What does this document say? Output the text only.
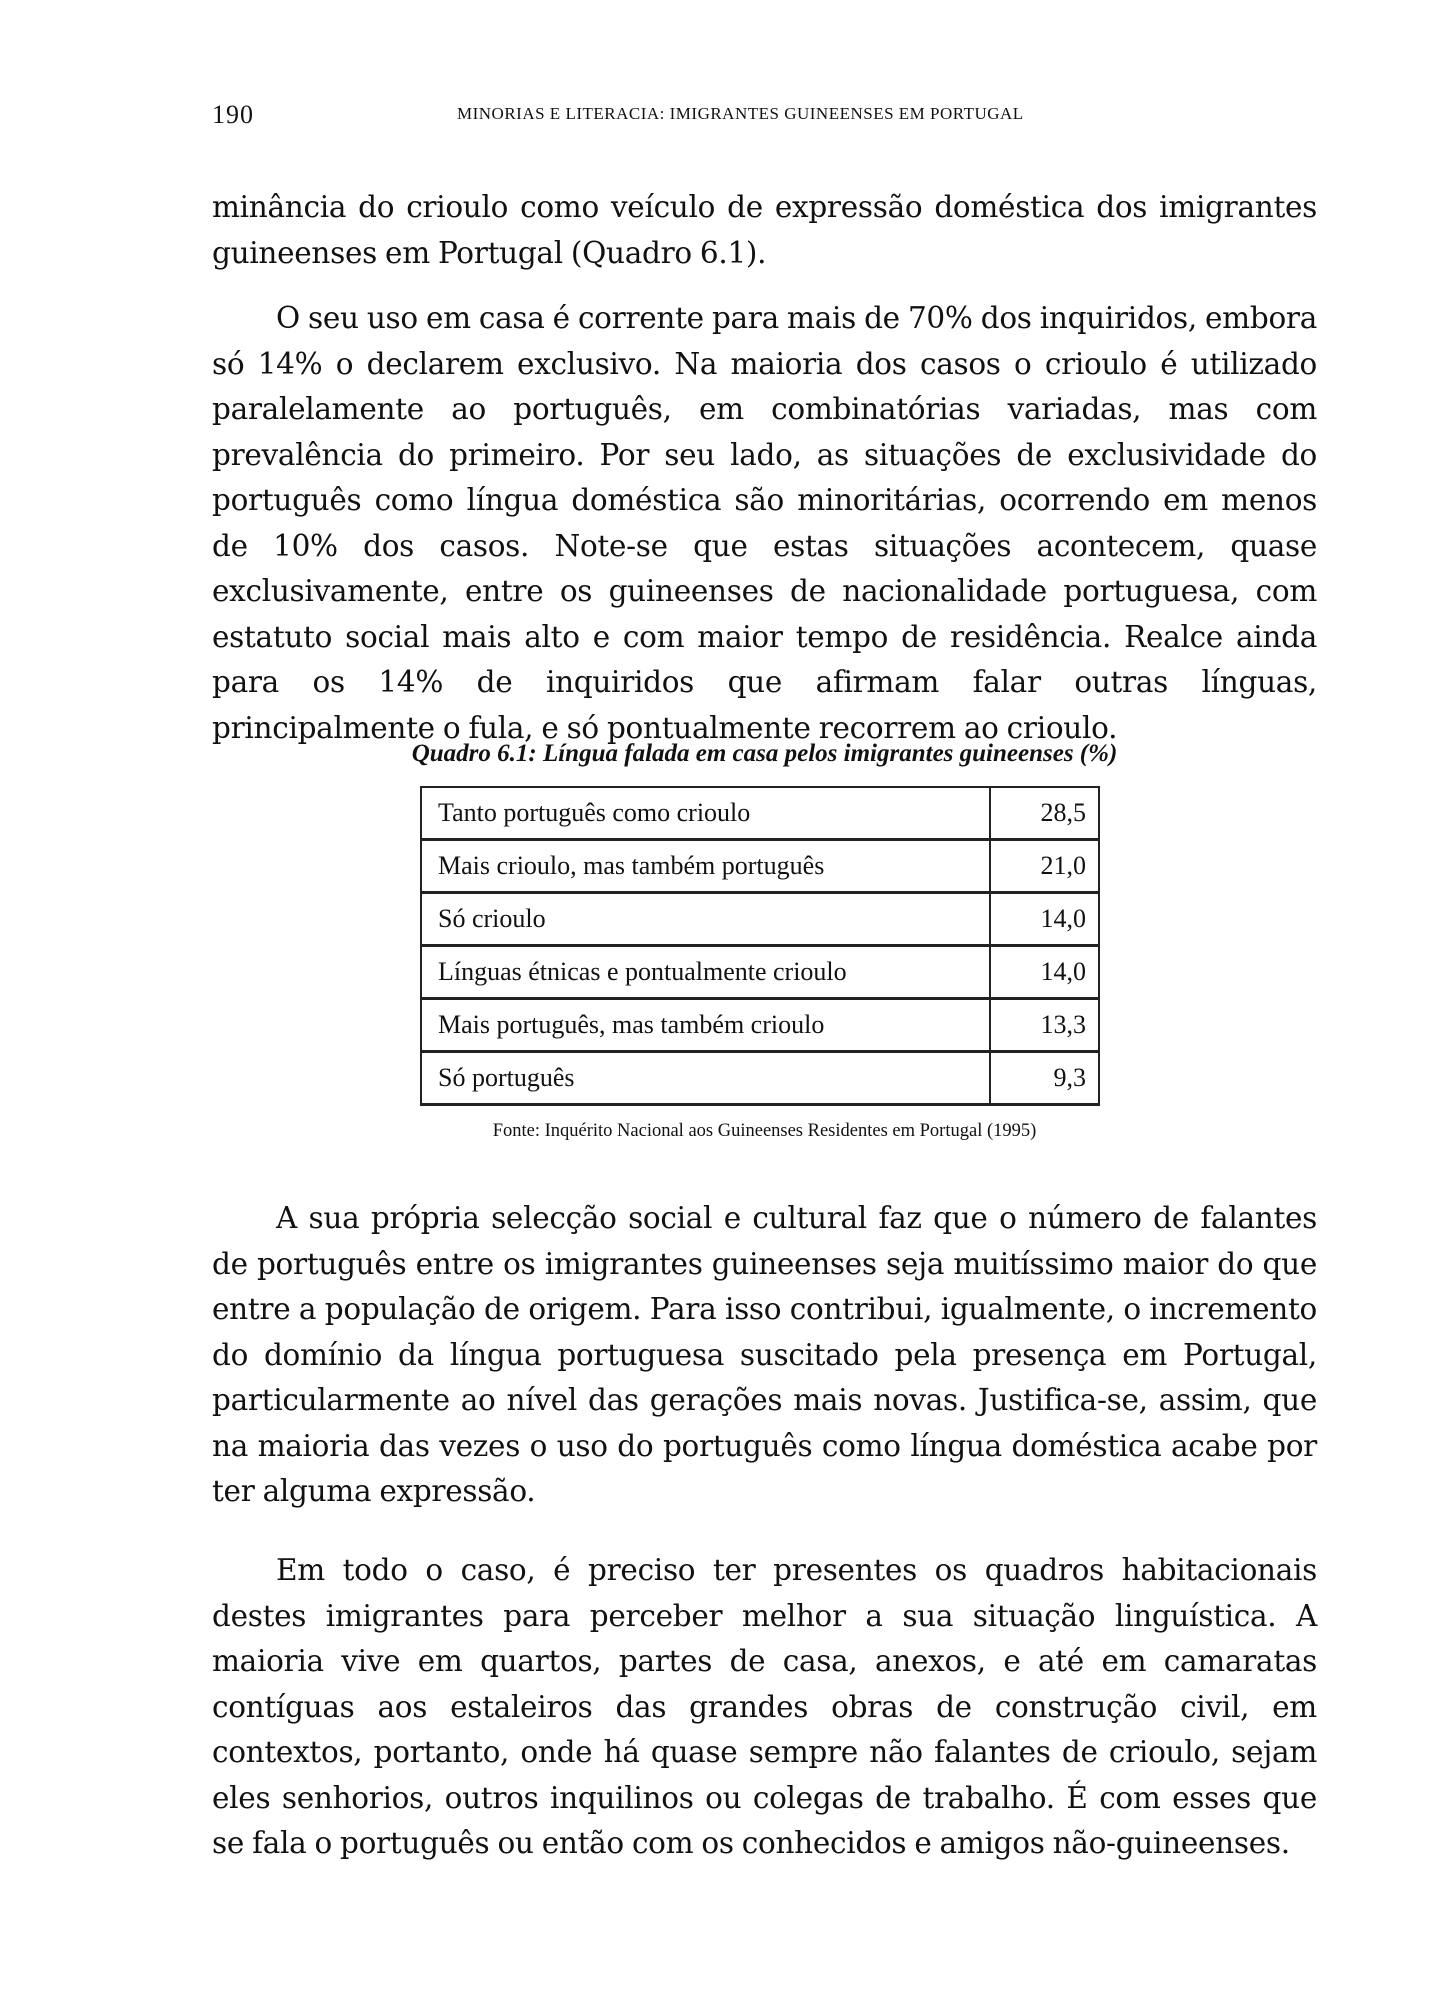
190	MINORIAS E LITERACIA: IMIGRANTES GUINEENSES EM PORTUGAL

minância do crioulo como veículo de expressão doméstica dos imigrantes guineenses em Portugal (Quadro 6.1).

O seu uso em casa é corrente para mais de 70% dos inquiridos, embora só 14% o declarem exclusivo. Na maioria dos casos o crioulo é utilizado paralelamente ao português, em combinatórias variadas, mas com prevalência do primeiro. Por seu lado, as situações de exclusividade do português como língua doméstica são minoritárias, ocorrendo em menos de 10% dos casos. Note-se que estas situações acontecem, quase exclusivamente, entre os guineenses de nacionalidade portuguesa, com estatuto social mais alto e com maior tempo de residência. Realce ainda para os 14% de inquiridos que afirmam falar outras línguas, principalmente o fula, e só pontualmente recorrem ao crioulo.

Quadro 6.1: Língua falada em casa pelos imigrantes guineenses (%)
Tanto português como crioulo	28,5
Mais crioulo, mas também português	21,0
Só crioulo	14,0
Línguas étnicas e pontualmente crioulo	14,0
Mais português, mas também crioulo	13,3
Só português	9,3
Fonte: Inquérito Nacional aos Guineenses Residentes em Portugal (1995)

A sua própria selecção social e cultural faz que o número de falantes de português entre os imigrantes guineenses seja muitíssimo maior do que entre a população de origem. Para isso contribui, igualmente, o incremento do domínio da língua portuguesa suscitado pela presença em Portugal, particularmente ao nível das gerações mais novas. Justifica-se, assim, que na maioria das vezes o uso do português como língua doméstica acabe por ter alguma expressão.

Em todo o caso, é preciso ter presentes os quadros habitacionais destes imigrantes para perceber melhor a sua situação linguística. A maioria vive em quartos, partes de casa, anexos, e até em camaratas contíguas aos estaleiros das grandes obras de construção civil, em contextos, portanto, onde há quase sempre não falantes de crioulo, sejam eles senhorios, outros inquilinos ou colegas de trabalho. É com esses que se fala o português ou então com os conhecidos e amigos não-guineenses.
